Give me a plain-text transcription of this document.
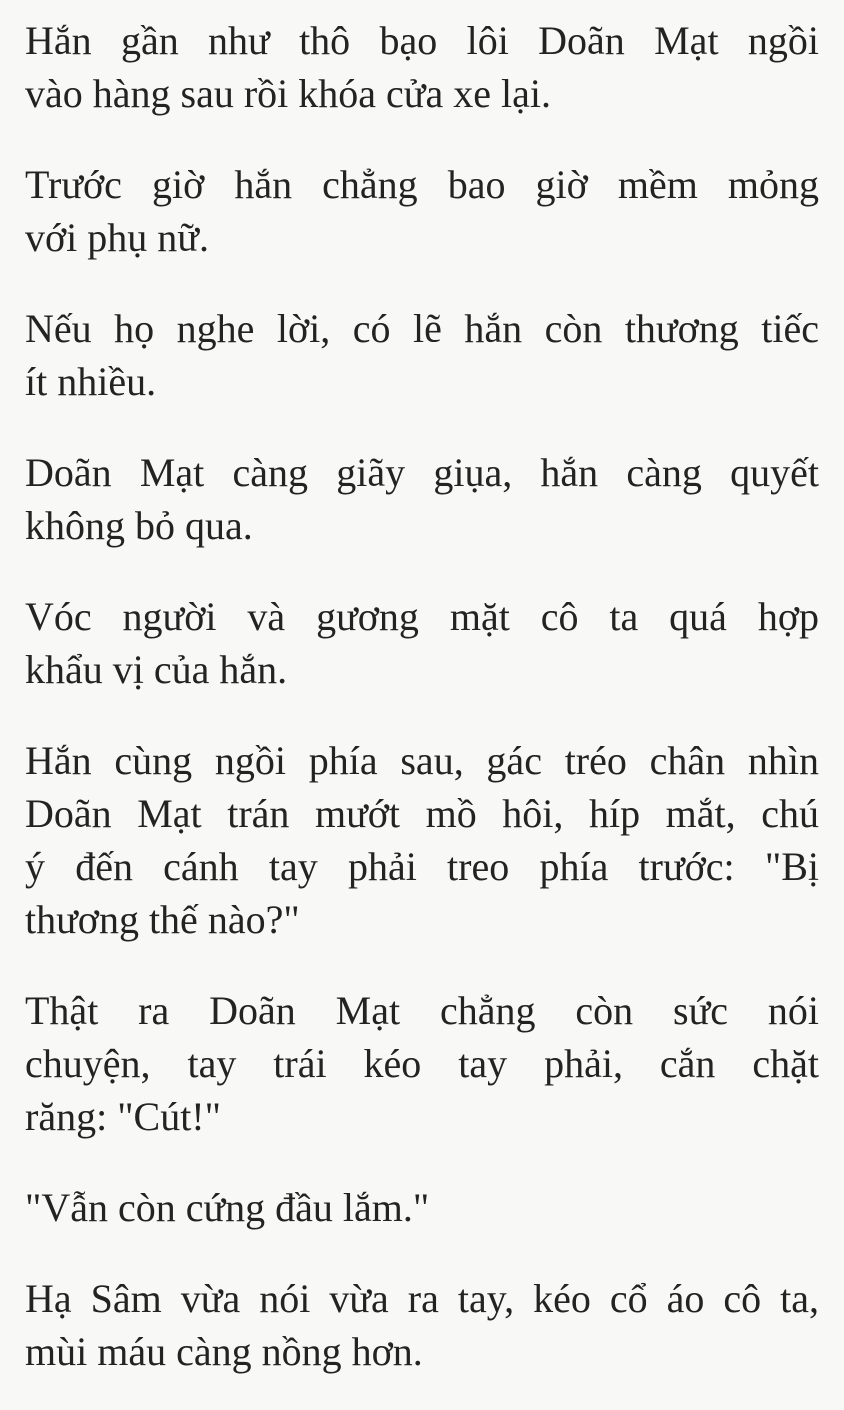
Hắn gần như thô bạo lôi Doãn Mạt ngồi
vào hàng sau rồi khóa cửa xe lại.

Trước giờ hắn chẳng bao giờ mềm mỏng
với phụ nữ.

Nếu họ nghe lời, có lẽ hắn còn thương tiếc
ít nhiều.

Doãn Mạt càng giãy giụa, hắn càng quyết
không bỏ qua.

Vóc người và gương mặt cô ta quá hợp
khẩu vị của hắn.

Hắn cùng ngồi phía sau, gác tréo chân nhìn
Doãn Mạt trán mướt mồ hôi, híp mắt, chú
ý đến cánh tay phải treo phía trước: "Bị
thương thế nào?"

Thật ra Doãn Mạt chẳng còn sức nói
chuyện, tay trái kéo tay phải, cắn chặt
răng: "Cút!"

"Vẫn còn cứng đầu lắm."

Hạ Sâm vừa nói vừa ra tay, kéo cổ áo cô ta,
mùi máu càng nồng hơn.
